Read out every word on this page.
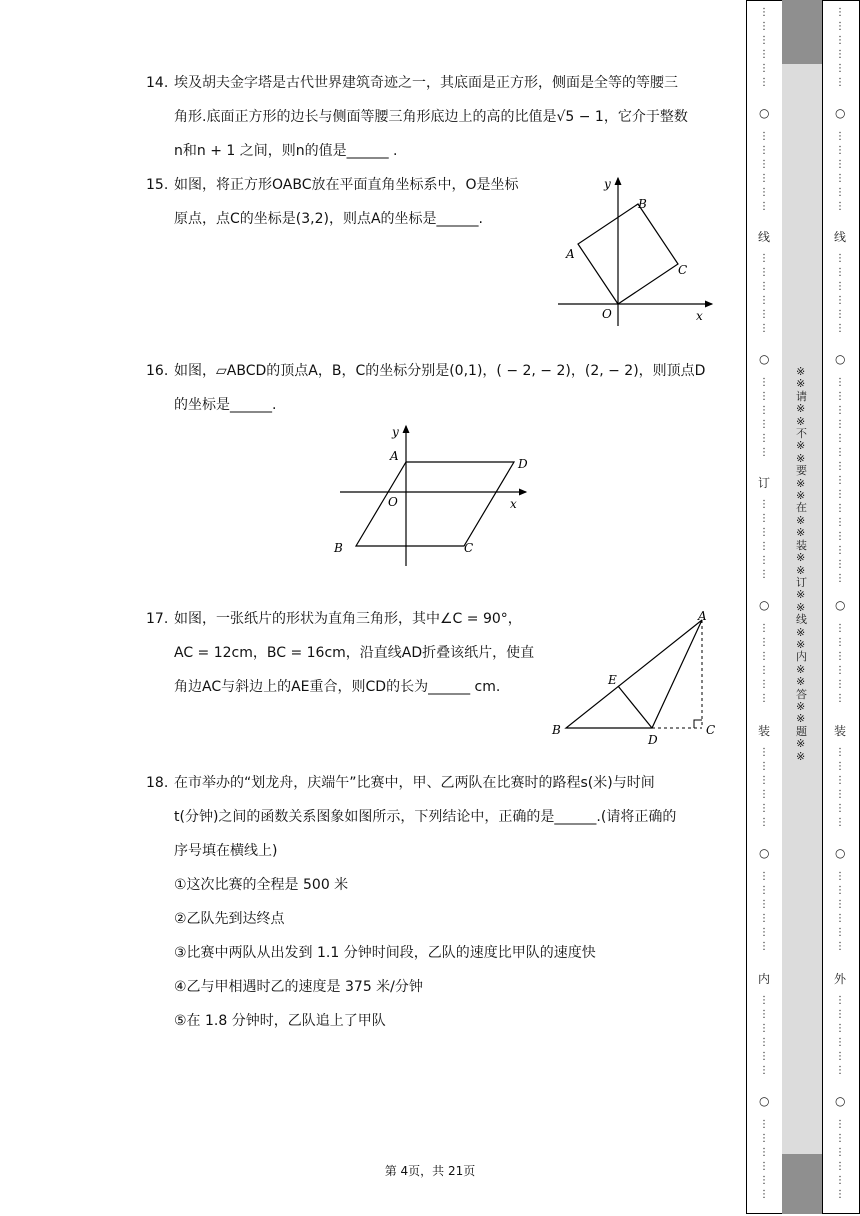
14. 埃及胡夫金字塔是古代世界建筑奇迹之一，其底面是正方形，侧面是全等的等腰三
角形.底面正方形的边长与侧面等腰三角形底边上的高的比值是√5 − 1，它介于整数
n和n + 1 之间，则n的值是______ .
15. 如图，将正方形OABC放在平面直角坐标系中，O是坐标
原点，点C的坐标是(3,2)，则点A的坐标是______.
y
B
A
C
O	x
16. 如图，▱ABCD的顶点A，B，C的坐标分别是(0,1)，( − 2, − 2)，(2, − 2)，则顶点D
的坐标是______.
y
A
D
O	x
B	C
17. 如图，一张纸片的形状为直角三角形，其中∠C = 90°，
AC = 12cm，BC = 16cm，沿直线AD折叠该纸片，使直
角边AC与斜边上的AE重合，则CD的长为______ cm.
A
E
B
D
C
18. 在市举办的“划龙舟，庆端午”比赛中，甲、乙两队在比赛时的路程s(米)与时间
t(分钟)之间的函数关系图象如图所示，下列结论中，正确的是______.(请将正确的
序号填在横线上)
①这次比赛的全程是 500 米
②乙队先到达终点
③比赛中两队从出发到 1.1 分钟时间段，乙队的速度比甲队的速度快
④乙与甲相遇时乙的速度是 375 米/分钟
⑤在 1.8 分钟时，乙队追上了甲队
第 4页，共 21页
⋮
⋮
⋮
⋮
⋮
⋮
○
⋮
⋮
⋮
⋮
⋮
⋮
线
⋮
⋮
⋮
⋮
⋮
⋮
○
⋮
⋮
⋮
⋮
⋮
⋮
订
⋮
⋮
⋮
⋮
⋮
⋮
○
⋮
⋮
⋮
⋮
⋮
⋮
装
⋮
⋮
⋮
⋮
⋮
⋮
○
⋮
⋮
⋮
⋮
⋮
⋮
内
⋮
⋮
⋮
⋮
⋮
⋮
○
⋮
⋮
⋮
⋮
⋮
⋮
※※请※※不※※要※※在※※装※※订※※线※※内※※答※※题※※
⋮
⋮
⋮
⋮
⋮
⋮
○
⋮
⋮
⋮
⋮
⋮
⋮
线
⋮
⋮
⋮
⋮
⋮
⋮
○
⋮
⋮
⋮
⋮
⋮
⋮
⋮
⋮
⋮
⋮
⋮
⋮
⋮
⋮
⋮
○
⋮
⋮
⋮
⋮
⋮
⋮
装
⋮
⋮
⋮
⋮
⋮
⋮
○
⋮
⋮
⋮
⋮
⋮
⋮
外
⋮
⋮
⋮
⋮
⋮
⋮
○
⋮
⋮
⋮
⋮
⋮
⋮
